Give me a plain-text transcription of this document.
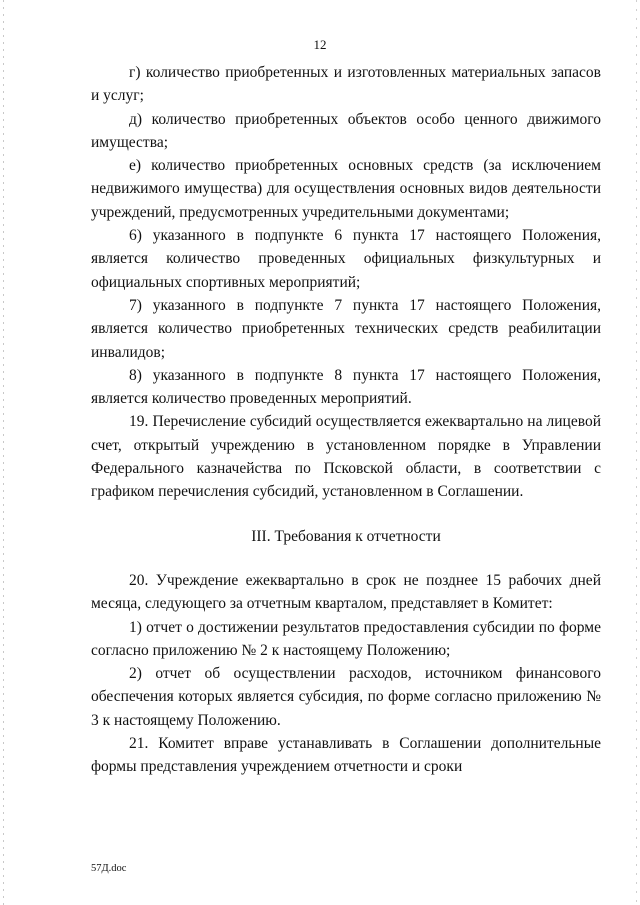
12

г) количество приобретенных и изготовленных материальных запасов и услуг;

д) количество приобретенных объектов особо ценного движимого имущества;

е) количество приобретенных основных средств (за исключением недвижимого имущества) для осуществления основных видов деятельности учреждений, предусмотренных учредительными документами;

6) указанного в подпункте 6 пункта 17 настоящего Положения, является количество проведенных официальных физкультурных и официальных спортивных мероприятий;

7) указанного в подпункте 7 пункта 17 настоящего Положения, является количество приобретенных технических средств реабилитации инвалидов;

8) указанного в подпункте 8 пункта 17 настоящего Положения, является количество проведенных мероприятий.

19. Перечисление субсидий осуществляется ежеквартально на лицевой счет, открытый учреждению в установленном порядке в Управлении Федерального казначейства по Псковской области, в соответствии с графиком перечисления субсидий, установленном в Соглашении.

III. Требования к отчетности

20. Учреждение ежеквартально в срок не позднее 15 рабочих дней месяца, следующего за отчетным кварталом, представляет в Комитет:

1) отчет о достижении результатов предоставления субсидии по форме согласно приложению № 2 к настоящему Положению;

2) отчет об осуществлении расходов, источником финансового обеспечения которых является субсидия, по форме согласно приложению № 3 к настоящему Положению.

21. Комитет вправе устанавливать в Соглашении дополнительные формы представления учреждением отчетности и сроки

57Д.doc
